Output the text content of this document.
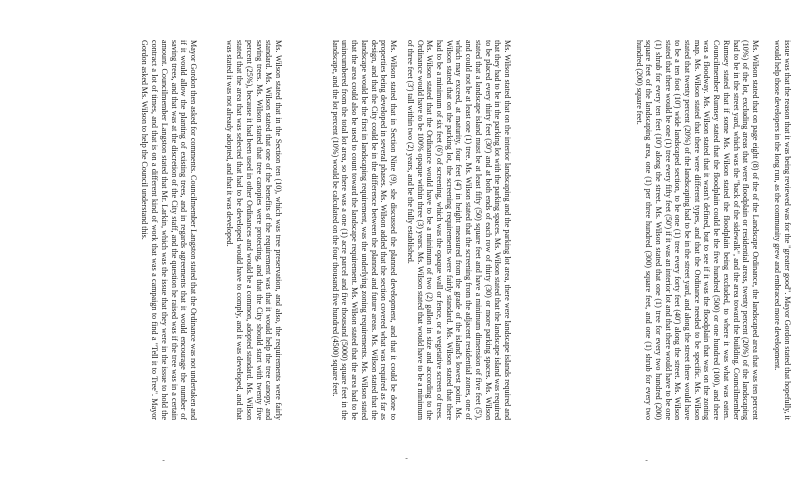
issue was that the reason that it was being reviewed was for the "greater good". Mayor Gordon stated that hopefully, it would help those developers in the long run, as the community grew and embraced more development.

Ms. Wilson stated that on page eight (8) of the of the Landscape Ordinance, the landscaped area that was ten percent (10%) of the lot, excluding areas that were floodplain or residential areas, twenty percent (20%) of the landscaping had to be in the street yard, which was the "back of the sidewalk", and the area toward the building. Councilmember Rumsey stated that if some Ms. Wilson stated the floodplain being excluded, to where it was what was eaten. Councilmember Rumsey stated that the floodplain could be the five hundred (500) or one hundred (100), and there was a floodway. Ms. Wilson stated that it wasn't defined, but to see if it was the floodplain that was on the zoning map. Ms. Wilson stated that there were different types, and that the Ordinance needed to be specific. Ms. Wilson stated that twenty percent (20%) of the landscaping had to be in the street yard, and along the street there would have to be a ten foot (10') wide landscaped section, to be one (1) tree every forty feet (40') along the street. Ms. Wilson stated that there would be one (1) tree every fifty feet (50') if it was an interior lot and that there would have to be one (1) shrub for every ten feet (10') along the street. Ms. Wilson stated that one (1) tree for every two hundred (200) square feet of the landscaping area, one (1) per three hundred (300) square feet, and one (1) shrub for every two hundred (200) square feet.

Ms. Wilson stated that on the interior landscaping and the parking lot area, there were landscape islands required and that they had to be in the parking lot with the parking spaces. Ms. Wilson stated that the landscape island was required to be placed every thirty feet (30') and at both ends of each row of thirty (30) or more parking spaces. Ms. Wilson stated that a landscape island must be at least fifty (50) square feet and have a minimum dimension of five feet (5'), and could not be at least one (1) tree. Ms. Wilson stated that the screening from the adjacent residential zones, one of which may exceed, at maturity, four feet (4') in height measured from the grade of the island's lowest point. Ms. Wilson stated that on the parking lot, the screening requirements were fairly standard. Ms. Wilson stated that there had to be a minimum of six feet (6') of screening, which was the opaque wall or fence, or a vegetative screen of trees. Ms. Wilson stated that the Ordinance would have to be a minimum of two (2) gallon in size and according to the Ordinance would have to be 100% opaque within three (3) years. Ms. Wilson stated that would have to be a minimum of three feet (3') tall within two (2) years, and be the fully established.

Ms. Wilson stated that in Section Nine (9), she discussed the planned development, and that it could be done to properties being developed in several phases. Ms. Wilson added that the section covered what was required as far as design, and that the City could be in the difference between the planned and future areas. Ms. Wilson stated that the landscape would be the first in landscaping requirement, was the underlying zoning requirements. Ms. Wilson stated that the area could also be used to count toward the landscape requirement. Ms. Wilson stated that the area had to be unincumbered from the total lot area, so there was a one (1) acre parcel and five thousand (5000) square feet in the landscape, and the lot percent (10%) would be calculated on the four thousand five hundred (4500) square feet.

Ms. Wilson stated that in the Section ten (10), which was tree preservation, and also, the requirements were fairly standard. Ms. Wilson stated that one of the benefits of the requirement was that it would help the tree canopy, and saving trees. Ms. Wilson stated that tree canopies were protecting, and that the City should start with twenty five percent (25%), because it had been used in other Ordinances and would be a common, adopted standard. Ms. Wilson stated that the area that was selected that had to be developed would have to comply, and it was developed, and that was stated it was not already adopted, and that it was developed.

Mayor Gordon then asked for comments. Councilmember Langston stated that the Ordinance was not undertaken and if it would allow the planting of existing trees, and in regards agreements that it would encourage the number of saving trees, and that was at the discretion of the City staff, and the question he raised was if the tree was in a certain amount. Councilmember Langston stated that Mr. Larkin, which was the issue that they were in the issue to hold the contract a lot of times, and that is on a different kind of work that was a campaign to find a "Tell it to Tree". Mayor Gordon asked Ms. Wilson to help the Council understand this.

,
,
,
